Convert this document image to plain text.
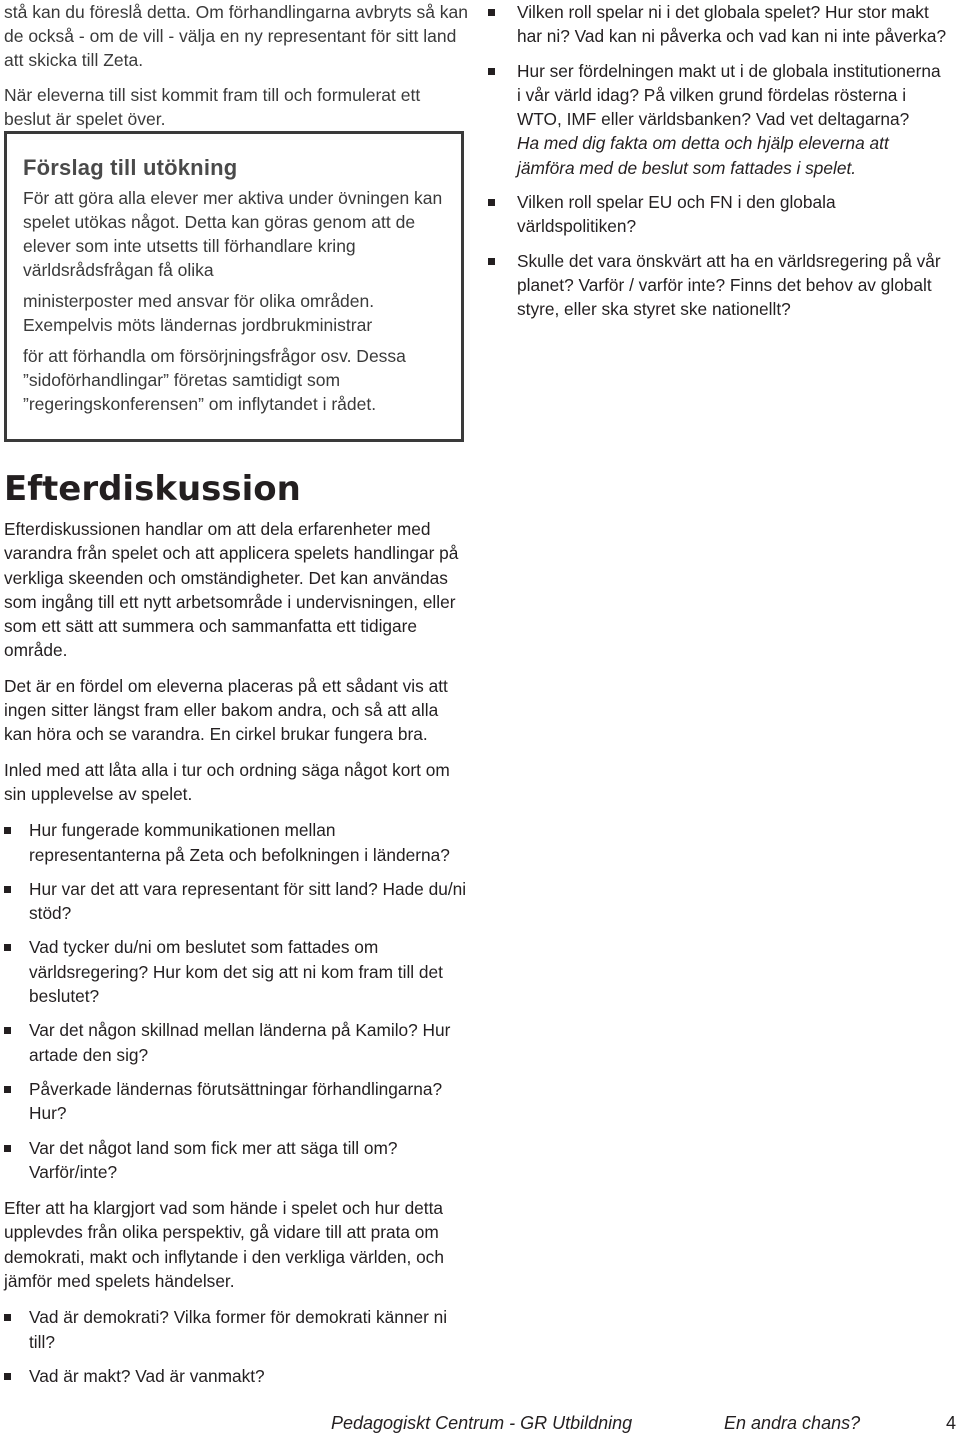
stå kan du föreslå detta. Om förhandlingarna avbryts så kan de också - om de vill - välja en ny representant för sitt land att skicka till Zeta.

När eleverna till sist kommit fram till och formulerat ett beslut är spelet över.

Förslag till utökning
För att göra alla elever mer aktiva under övningen kan spelet utökas något. Detta kan göras genom att de elever som inte utsetts till förhandlare kring världsrådsfrågan få olika
ministerposter med ansvar för olika områden. Exempelvis möts ländernas jordbrukministrar
för att förhandla om försörjningsfrågor osv. Dessa ”sidoförhandlingar” företas samtidigt som ”regeringskonferensen” om inflytandet i rådet.
Efterdiskussion

Efterdiskussionen handlar om att dela erfarenheter med varandra från spelet och att applicera spelets handlingar på verkliga skeenden och omständigheter. Det kan användas som ingång till ett nytt arbetsområde i undervisningen, eller som ett sätt att summera och sammanfatta ett tidigare område.

Det är en fördel om eleverna placeras på ett sådant vis att ingen sitter längst fram eller bakom andra, och så att alla kan höra och se varandra. En cirkel brukar fungera bra.

Inled med att låta alla i tur och ordning säga något kort om sin upplevelse av spelet.

Hur fungerade kommunikationen mellan representanterna på Zeta och befolkningen i länderna?
Hur var det att vara representant för sitt land? Hade du/ni stöd?
Vad tycker du/ni om beslutet som fattades om världsregering? Hur kom det sig att ni kom fram till det beslutet?
Var det någon skillnad mellan länderna på Kamilo? Hur artade den sig?
Påverkade ländernas förutsättningar förhandlingarna? Hur?
Var det något land som fick mer att säga till om? Varför/inte?

Efter att ha klargjort vad som hände i spelet och hur detta upplevdes från olika perspektiv, gå vidare till att prata om demokrati, makt och inflytande i den verkliga världen, och jämför med spelets händelser.

Vad är demokrati? Vilka former för demokrati känner ni till?
Vad är makt? Vad är vanmakt?
Vilken roll spelar ni i det globala spelet? Hur stor makt har ni? Vad kan ni påverka och vad kan ni inte påverka?
Hur ser fördelningen makt ut i de globala institutionerna i vår värld idag? På vilken grund fördelas rösterna i WTO, IMF eller världsbanken? Vad vet deltagarna?
Ha med dig fakta om detta och hjälp eleverna att jämföra med de beslut som fattades i spelet.
Vilken roll spelar EU och FN i den globala världspolitiken?
Skulle det vara önskvärt att ha en världsregering på vår planet? Varför / varför inte? Finns det behov av globalt styre, eller ska styret ske nationellt?
Pedagogiskt Centrum - GR Utbildning	En andra chans?	4
